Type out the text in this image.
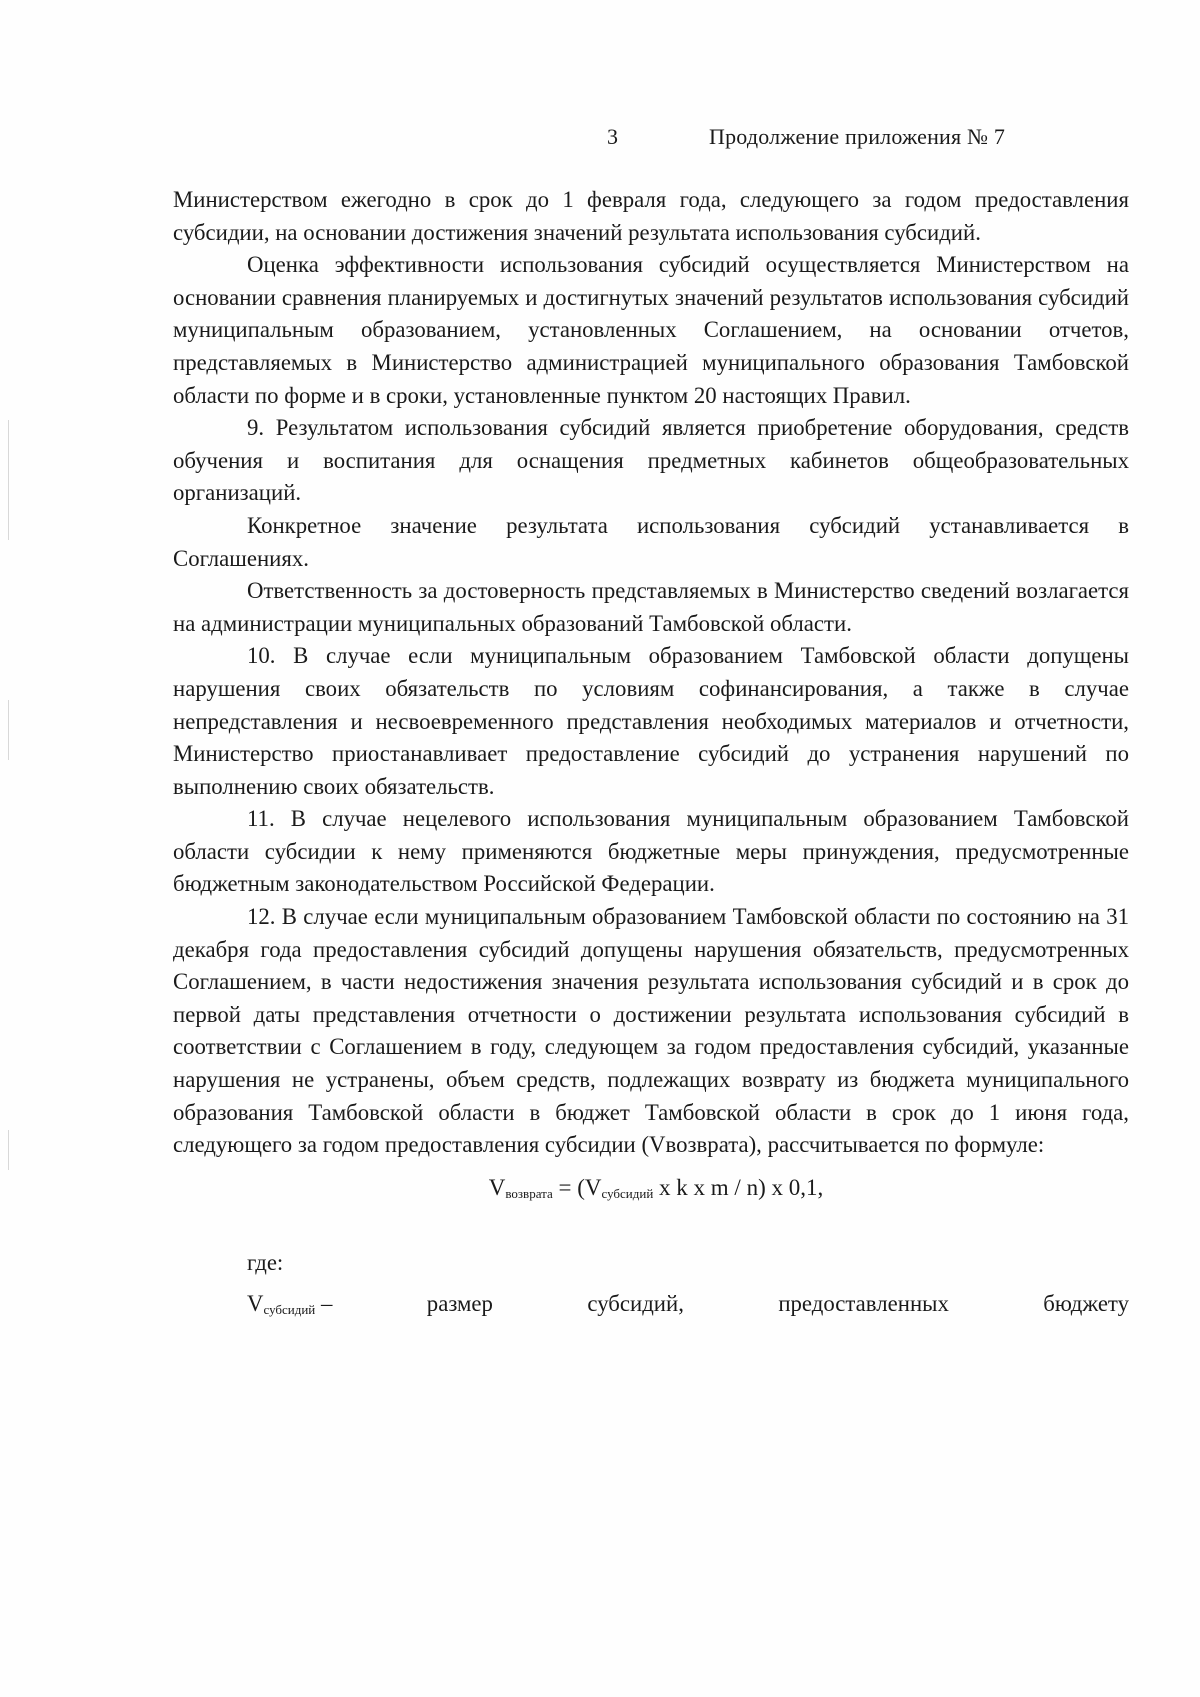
3	Продолжение приложения № 7

Министерством ежегодно в срок до 1 февраля года, следующего за годом предоставления субсидии, на основании достижения значений результата использования субсидий.

Оценка эффективности использования субсидий осуществляется Министерством на основании сравнения планируемых и достигнутых значений результатов использования субсидий муниципальным образованием, установленных Соглашением, на основании отчетов, представляемых в Министерство администрацией муниципального образования Тамбовской области по форме и в сроки, установленные пунктом 20 настоящих Правил.

9. Результатом использования субсидий является приобретение оборудования, средств обучения и воспитания для оснащения предметных кабинетов общеобразовательных организаций.

Конкретное значение результата использования субсидий устанавливается в Соглашениях.

Ответственность за достоверность представляемых в Министерство сведений возлагается на администрации муниципальных образований Тамбовской области.

10. В случае если муниципальным образованием Тамбовской области допущены нарушения своих обязательств по условиям софинансирования, а также в случае непредставления и несвоевременного представления необходимых материалов и отчетности, Министерство приостанавливает предоставление субсидий до устранения нарушений по выполнению своих обязательств.

11. В случае нецелевого использования муниципальным образованием Тамбовской области субсидии к нему применяются бюджетные меры принуждения, предусмотренные бюджетным законодательством Российской Федерации.

12. В случае если муниципальным образованием Тамбовской области по состоянию на 31 декабря года предоставления субсидий допущены нарушения обязательств, предусмотренных Соглашением, в части недостижения значения результата использования субсидий и в срок до первой даты представления отчетности о достижении результата использования субсидий в соответствии с Соглашением в году, следующем за годом предоставления субсидий, указанные нарушения не устранены, объем средств, подлежащих возврату из бюджета муниципального образования Тамбовской области в бюджет Тамбовской области в срок до 1 июня года, следующего за годом предоставления субсидии (Vвозврата), рассчитывается по формуле:

$V_{возврата} = (V_{субсидий}$ x k x m / n) x 0,1,
где:
$V_{субсидий}$ –	размер	субсидий,	предоставленных	бюджету
